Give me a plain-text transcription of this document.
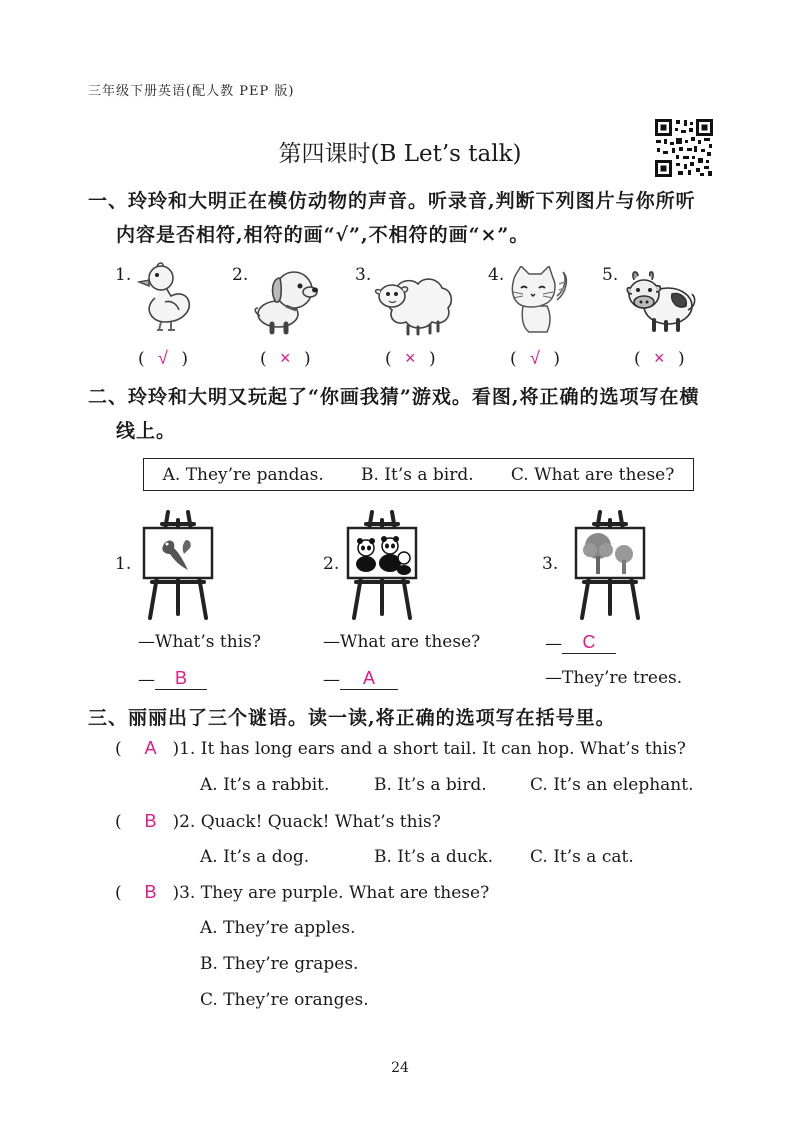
三年级下册英语(配人教 PEP 版)
第四课时(B Let’s talk)
一、玲玲和大明正在模仿动物的声音。听录音,判断下列图片与你所听
内容是否相符,相符的画“√”,不相符的画“×”。
1.	2.	3.	4.	5.
( √ )	( × )	( × )	( √ )	( × )
二、玲玲和大明又玩起了“你画我猜”游戏。看图,将正确的选项写在横
线上。
A. They’re pandas. B. It’s a bird. C. What are these?
1.	2.	3.
—What’s this?
— B
—What are these?
— A
— C
—They’re trees.
三、丽丽出了三个谜语。读一读,将正确的选项写在括号里。
(  A )1. It has long ears and a short tail. It can hop. What’s this?
A. It’s a rabbit.	B. It’s a bird.	C. It’s an elephant.
(  B )2. Quack! Quack! What’s this?
A. It’s a dog.	B. It’s a duck. C. It’s a cat.
(  B )3. They are purple. What are these?
A. They’re apples.
B. They’re grapes.
C. They’re oranges.
24
